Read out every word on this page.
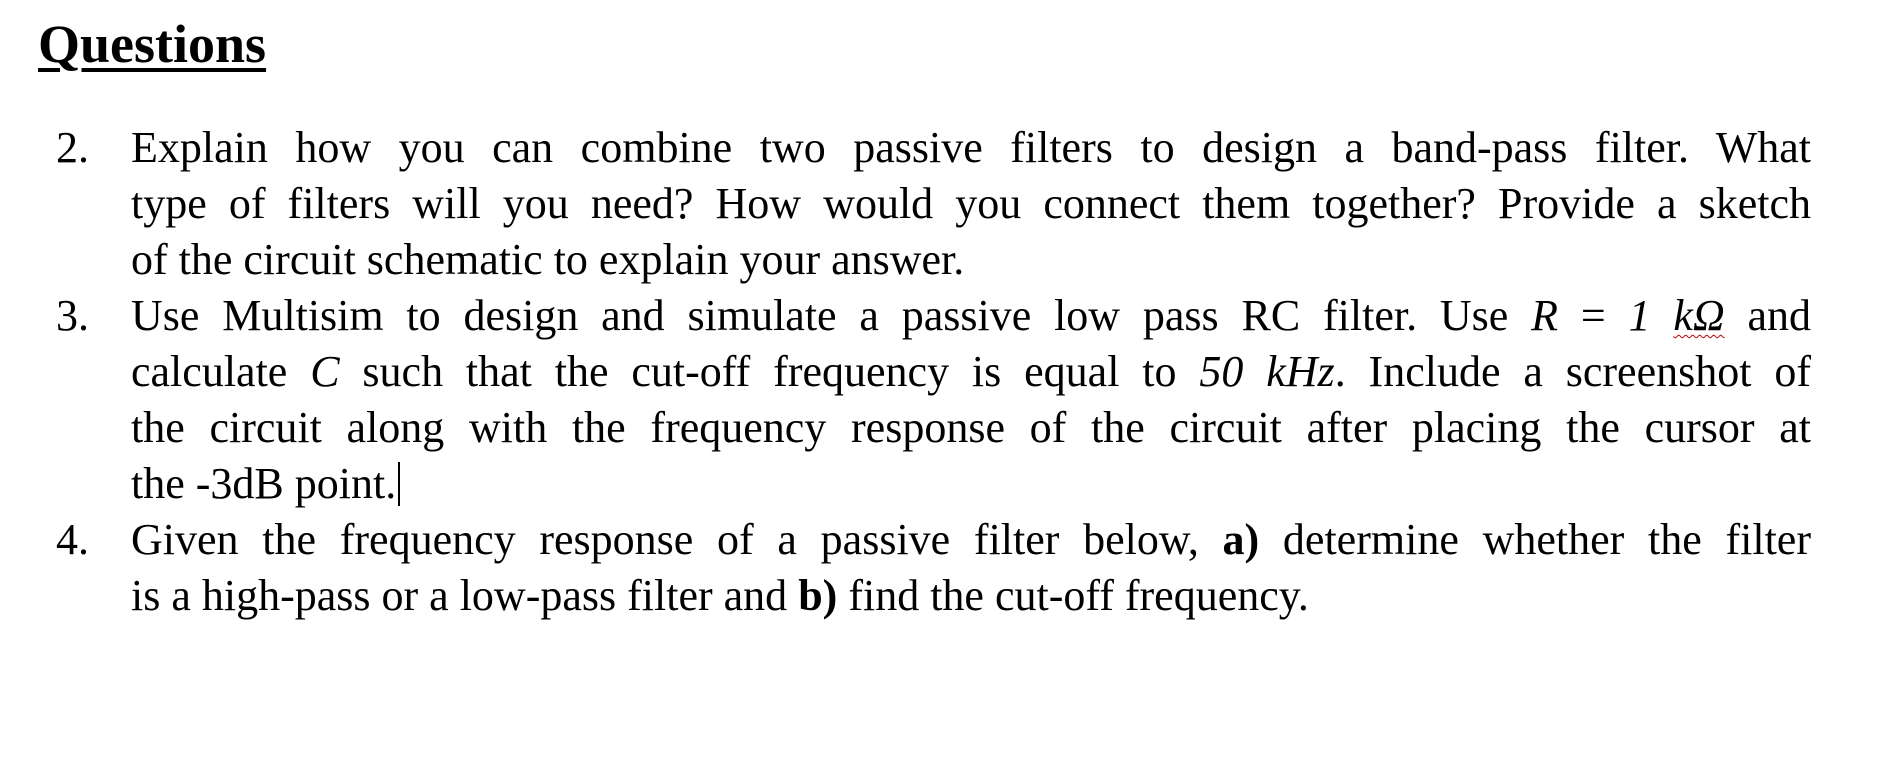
Questions
2. Explain how you can combine two passive filters to design a band-pass filter. What
type of filters will you need? How would you connect them together? Provide a sketch
of the circuit schematic to explain your answer.
3. Use Multisim to design and simulate a passive low pass RC filter. Use R = 1 kΩ and
calculate C such that the cut-off frequency is equal to 50 kHz. Include a screenshot of
the circuit along with the frequency response of the circuit after placing the cursor at
the -3dB point.
4. Given the frequency response of a passive filter below, a) determine whether the filter
is a high-pass or a low-pass filter and b) find the cut-off frequency.
